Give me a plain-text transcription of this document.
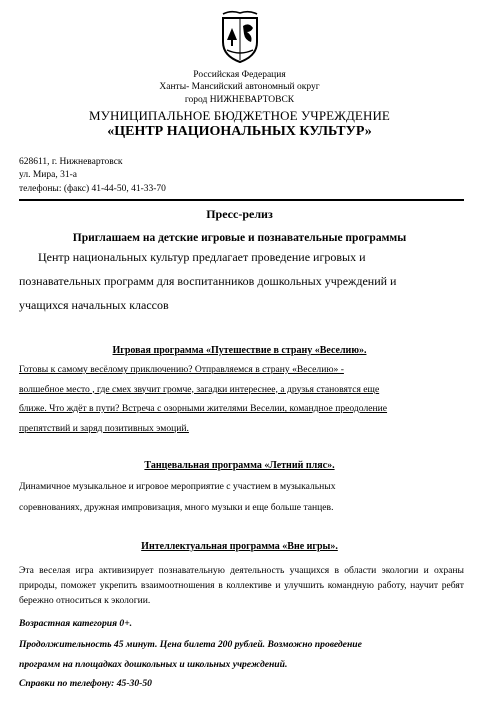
Российская Федерация
Ханты- Мансийский автономный округ
город НИЖНЕВАРТОВСК
МУНИЦИПАЛЬНОЕ БЮДЖЕТНОЕ УЧРЕЖДЕНИЕ
«ЦЕНТР НАЦИОНАЛЬНЫХ КУЛЬТУР»
628611, г. Нижневартовск
ул. Мира, 31-а
телефоны: (факс) 41-44-50, 41-33-70
Пресс-релиз
Приглашаем на детские игровые и познавательные программы
Центр национальных культур предлагает проведение игровых и
познавательных программ для воспитанников дошкольных учреждений и
учащихся начальных классов
Игровая программа «Путешествие в страну «Веселию».
Готовы к самому весёлому приключению? Отправляемся в страну «Веселию» -
волшебное место , где смех звучит громче, загадки интереснее, а друзья становятся еще
ближе. Что ждёт в пути? Встреча с озорными жителями Веселии, командное преодоление
препятствий и заряд позитивных эмоций.
Танцевальная программа «Летний пляс».
Динамичное музыкальное и игровое мероприятие с участием в музыкальных
соревнованиях, дружная импровизация, много музыки и еще больше танцев.
Интеллектуальная программа «Вне игры».
Эта веселая игра активизирует познавательную деятельность учащихся в области экологии и охраны природы, поможет укрепить взаимоотношения в коллективе и улучшить командную работу, научит ребят бережно относиться к экологии.
Возрастная категория 0+.
Продолжительность 45 минут. Цена билета 200 рублей. Возможно проведение
программ на площадках дошкольных и школьных учреждений.
Справки по телефону: 45-30-50
